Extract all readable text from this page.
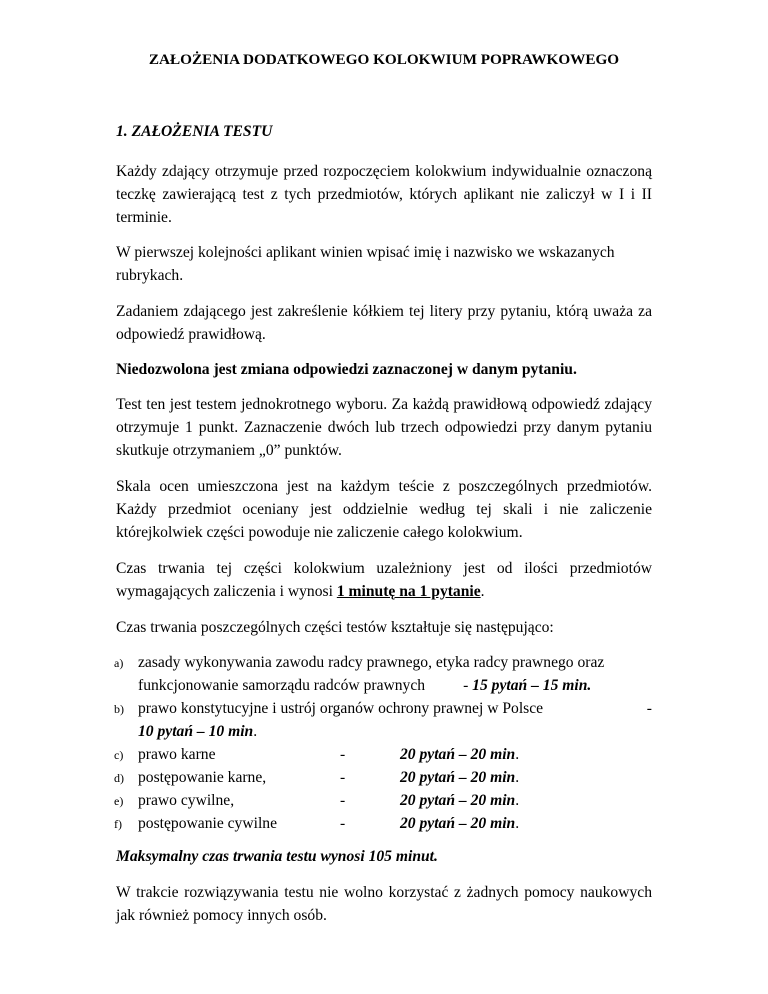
ZAŁOŻENIA DODATKOWEGO KOLOKWIUM POPRAWKOWEGO
1. ZAŁOŻENIA TESTU
Każdy zdający otrzymuje przed rozpoczęciem kolokwium indywidualnie oznaczoną teczkę zawierającą test z tych przedmiotów, których aplikant nie zaliczył w I i II terminie.
W pierwszej kolejności aplikant winien wpisać imię i nazwisko we wskazanych rubrykach.
Zadaniem zdającego jest zakreślenie kółkiem tej litery przy pytaniu, którą uważa za odpowiedź prawidłową.
Niedozwolona jest zmiana odpowiedzi zaznaczonej w danym pytaniu.
Test ten jest testem jednokrotnego wyboru. Za każdą prawidłową odpowiedź zdający otrzymuje 1 punkt. Zaznaczenie dwóch lub trzech odpowiedzi przy danym pytaniu skutkuje otrzymaniem „0” punktów.
Skala ocen umieszczona jest na każdym teście z poszczególnych przedmiotów. Każdy przedmiot oceniany jest oddzielnie według tej skali i nie zaliczenie którejkolwiek części powoduje nie zaliczenie całego kolokwium.
Czas trwania tej części kolokwium uzależniony jest od ilości przedmiotów wymagających zaliczenia i wynosi 1 minutę na 1 pytanie.
Czas trwania poszczególnych części testów kształtuje się następująco:
a) zasady wykonywania zawodu radcy prawnego, etyka radcy prawnego oraz
funkcjonowanie samorządu radców prawnych - 15 pytań – 15 min.
b) prawo konstytucyjne i ustrój organów ochrony prawnej w Polsce	-
10 pytań – 10 min.
c) prawo karne	-	20 pytań – 20 min.
d) postępowanie karne,	-	20 pytań – 20 min.
e) prawo cywilne,	-	20 pytań – 20 min.
f) postępowanie cywilne	-	20 pytań – 20 min.
Maksymalny czas trwania testu wynosi 105 minut.
W trakcie rozwiązywania testu nie wolno korzystać z żadnych pomocy naukowych jak również pomocy innych osób.
